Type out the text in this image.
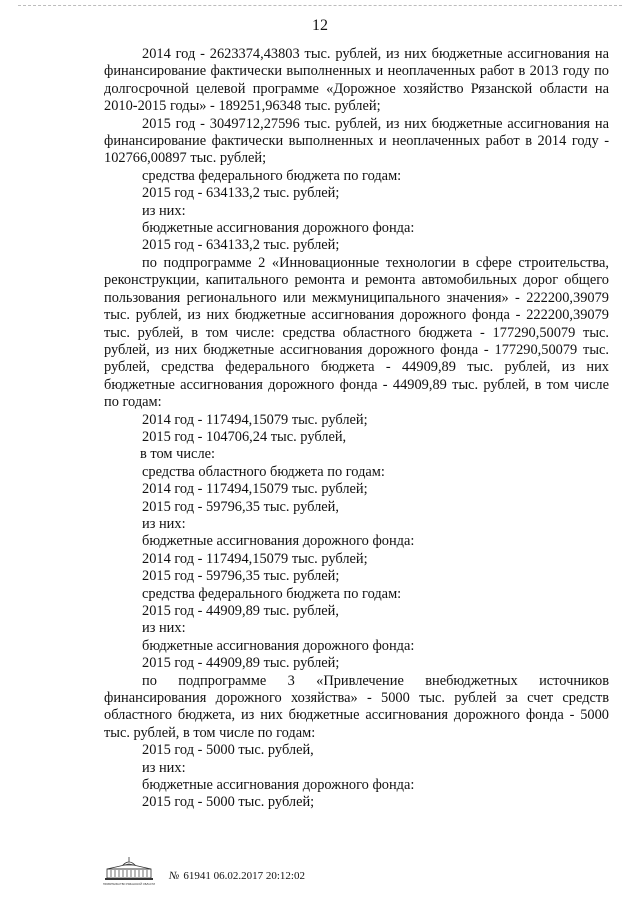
12

2014 год - 2623374,43803 тыс. рублей, из них бюджетные ассигнования на финансирование фактически выполненных и неоплаченных работ в 2013 году по долгосрочной целевой программе «Дорожное хозяйство Рязанской области на 2010-2015 годы» - 189251,96348 тыс. рублей;

2015 год - 3049712,27596 тыс. рублей, из них бюджетные ассигнования на финансирование фактически выполненных и неоплаченных работ в 2014 году - 102766,00897 тыс. рублей;

средства федерального бюджета по годам:

2015 год - 634133,2 тыс. рублей;

из них:

бюджетные ассигнования дорожного фонда:

2015 год - 634133,2 тыс. рублей;

по подпрограмме 2 «Инновационные технологии в сфере строительства, реконструкции, капитального ремонта и ремонта автомобильных дорог общего пользования регионального или межмуниципального значения» - 222200,39079 тыс. рублей, из них бюджетные ассигнования дорожного фонда - 222200,39079 тыс. рублей, в том числе: средства областного бюджета - 177290,50079 тыс. рублей, из них бюджетные ассигнования дорожного фонда - 177290,50079 тыс. рублей, средства федерального бюджета - 44909,89 тыс. рублей, из них бюджетные ассигнования дорожного фонда - 44909,89 тыс. рублей, в том числе по годам:

2014 год - 117494,15079 тыс. рублей;

2015 год - 104706,24 тыс. рублей,

в том числе:

средства областного бюджета по годам:

2014 год - 117494,15079 тыс. рублей;

2015 год - 59796,35 тыс. рублей,

из них:

бюджетные ассигнования дорожного фонда:

2014 год - 117494,15079 тыс. рублей;

2015 год - 59796,35 тыс. рублей;

средства федерального бюджета по годам:

2015 год - 44909,89 тыс. рублей,

из них:

бюджетные ассигнования дорожного фонда:

2015 год - 44909,89 тыс. рублей;

по подпрограмме 3 «Привлечение внебюджетных источников финансирования дорожного хозяйства» - 5000 тыс. рублей за счет средств областного бюджета, из них бюджетные ассигнования дорожного фонда - 5000 тыс. рублей, в том числе по годам:

2015 год - 5000 тыс. рублей,

из них:

бюджетные ассигнования дорожного фонда:

2015 год - 5000 тыс. рублей;

ПРАВИТЕЛЬСТВО РЯЗАНСКОЙ ОБЛАСТИ
№ 61941 06.02.2017 20:12:02
